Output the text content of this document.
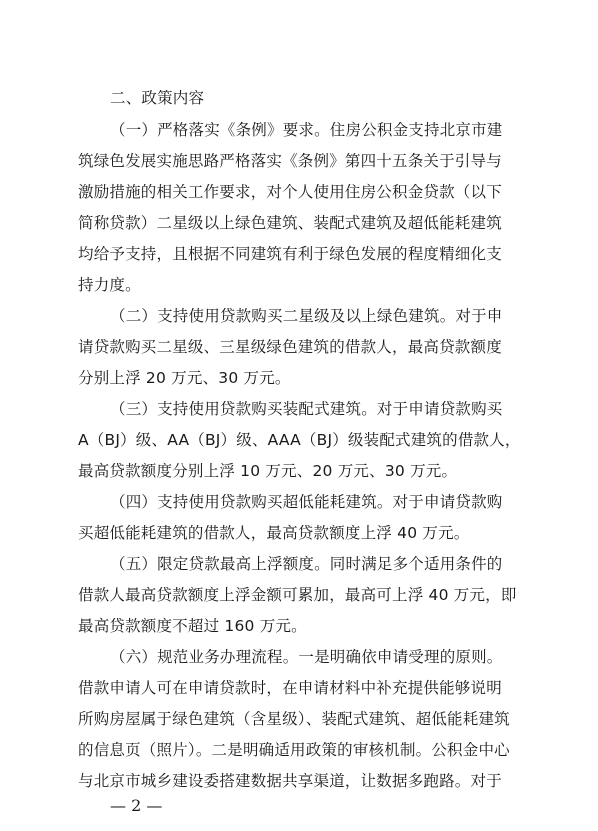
二、政策内容
（一）严格落实《条例》要求。住房公积金支持北京市建
筑绿色发展实施思路严格落实《条例》第四十五条关于引导与
激励措施的相关工作要求，对个人使用住房公积金贷款（以下
简称贷款）二星级以上绿色建筑、装配式建筑及超低能耗建筑
均给予支持，且根据不同建筑有利于绿色发展的程度精细化支
持力度。
（二）支持使用贷款购买二星级及以上绿色建筑。对于申
请贷款购买二星级、三星级绿色建筑的借款人，最高贷款额度
分别上浮 20 万元、30 万元。
（三）支持使用贷款购买装配式建筑。对于申请贷款购买
A（BJ）级、AA（BJ）级、AAA（BJ）级装配式建筑的借款人，
最高贷款额度分别上浮 10 万元、20 万元、30 万元。
（四）支持使用贷款购买超低能耗建筑。对于申请贷款购
买超低能耗建筑的借款人，最高贷款额度上浮 40 万元。
（五）限定贷款最高上浮额度。同时满足多个适用条件的
借款人最高贷款额度上浮金额可累加，最高可上浮 40 万元，即
最高贷款额度不超过 160 万元。
（六）规范业务办理流程。一是明确依申请受理的原则。
借款申请人可在申请贷款时，在申请材料中补充提供能够说明
所购房屋属于绿色建筑（含星级）、装配式建筑、超低能耗建筑
的信息页（照片）。二是明确适用政策的审核机制。公积金中心
与北京市城乡建设委搭建数据共享渠道，让数据多跑路。对于
— 2 —
